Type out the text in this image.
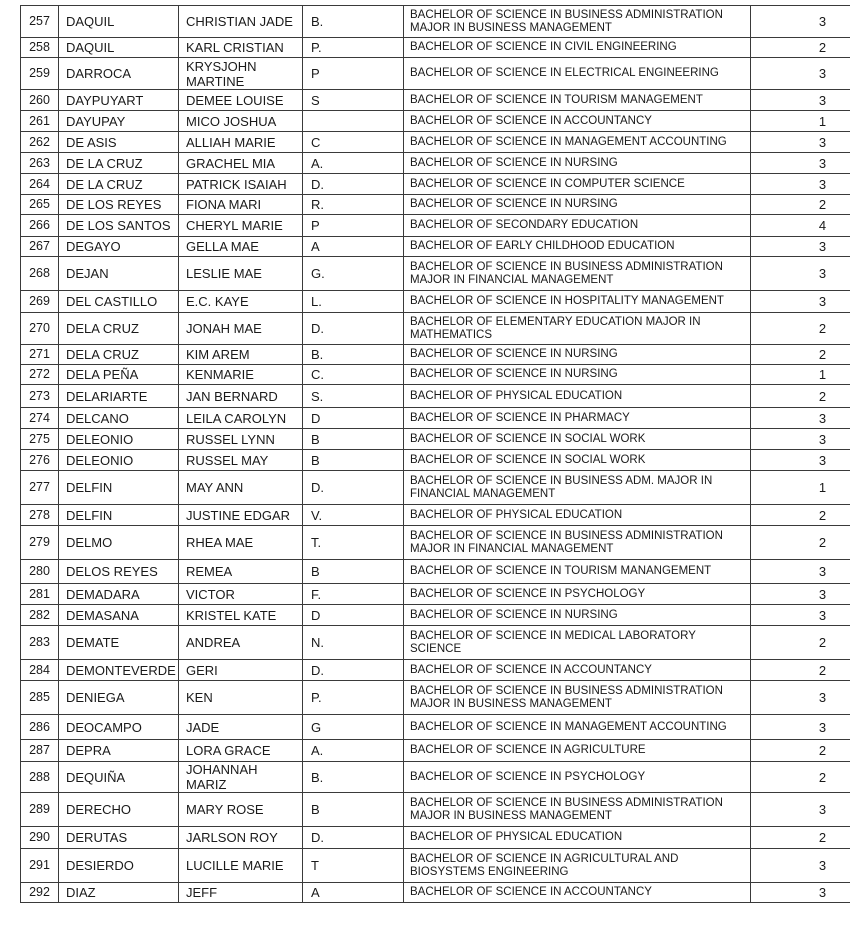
257	DAQUIL	CHRISTIAN JADE	B.	BACHELOR OF SCIENCE IN BUSINESS ADMINISTRATION MAJOR IN BUSINESS MANAGEMENT	3
258	DAQUIL	KARL CRISTIAN	P.	BACHELOR OF SCIENCE IN CIVIL ENGINEERING	2
259	DARROCA	KRYSJOHN MARTINE	P	BACHELOR OF SCIENCE IN ELECTRICAL ENGINEERING	3
260	DAYPUYART	DEMEE LOUISE	S	BACHELOR OF SCIENCE IN TOURISM MANAGEMENT	3
261	DAYUPAY	MICO JOSHUA		BACHELOR OF SCIENCE IN ACCOUNTANCY	1
262	DE ASIS	ALLIAH MARIE	C	BACHELOR OF SCIENCE IN MANAGEMENT ACCOUNTING	3
263	DE LA CRUZ	GRACHEL MIA	A.	BACHELOR OF SCIENCE IN NURSING	3
264	DE LA CRUZ	PATRICK ISAIAH	D.	BACHELOR OF SCIENCE IN COMPUTER SCIENCE	3
265	DE LOS REYES	FIONA MARI	R.	BACHELOR OF SCIENCE IN NURSING	2
266	DE LOS SANTOS	CHERYL MARIE	P	BACHELOR OF SECONDARY EDUCATION	4
267	DEGAYO	GELLA MAE	A	BACHELOR OF EARLY CHILDHOOD EDUCATION	3
268	DEJAN	LESLIE MAE	G.	BACHELOR OF SCIENCE IN BUSINESS ADMINISTRATION MAJOR IN FINANCIAL MANAGEMENT	3
269	DEL CASTILLO	E.C. KAYE	L.	BACHELOR OF SCIENCE IN HOSPITALITY MANAGEMENT	3
270	DELA CRUZ	JONAH MAE	D.	BACHELOR OF ELEMENTARY EDUCATION MAJOR IN MATHEMATICS	2
271	DELA CRUZ	KIM AREM	B.	BACHELOR OF SCIENCE IN NURSING	2
272	DELA PEÑA	KENMARIE	C.	BACHELOR OF SCIENCE IN NURSING	1
273	DELARIARTE	JAN BERNARD	S.	BACHELOR OF PHYSICAL EDUCATION	2
274	DELCANO	LEILA CAROLYN	D	BACHELOR OF SCIENCE IN PHARMACY	3
275	DELEONIO	RUSSEL LYNN	B	BACHELOR OF SCIENCE IN SOCIAL WORK	3
276	DELEONIO	RUSSEL MAY	B	BACHELOR OF SCIENCE IN SOCIAL WORK	3
277	DELFIN	MAY ANN	D.	BACHELOR OF SCIENCE IN BUSINESS ADM. MAJOR IN FINANCIAL MANAGEMENT	1
278	DELFIN	JUSTINE EDGAR	V.	BACHELOR OF PHYSICAL EDUCATION	2
279	DELMO	RHEA MAE	T.	BACHELOR OF SCIENCE IN BUSINESS ADMINISTRATION MAJOR IN FINANCIAL MANAGEMENT	2
280	DELOS REYES	REMEA	B	BACHELOR OF SCIENCE IN TOURISM MANANGEMENT	3
281	DEMADARA	VICTOR	F.	BACHELOR OF SCIENCE IN PSYCHOLOGY	3
282	DEMASANA	KRISTEL KATE	D	BACHELOR OF SCIENCE IN NURSING	3
283	DEMATE	ANDREA	N.	BACHELOR OF SCIENCE IN MEDICAL LABORATORY SCIENCE	2
284	DEMONTEVERDE	GERI	D.	BACHELOR OF SCIENCE IN ACCOUNTANCY	2
285	DENIEGA	KEN	P.	BACHELOR OF SCIENCE IN BUSINESS ADMINISTRATION MAJOR IN BUSINESS MANAGEMENT	3
286	DEOCAMPO	JADE	G	BACHELOR OF SCIENCE IN MANAGEMENT ACCOUNTING	3
287	DEPRA	LORA GRACE	A.	BACHELOR OF SCIENCE IN AGRICULTURE	2
288	DEQUIÑA	JOHANNAH MARIZ	B.	BACHELOR OF SCIENCE IN PSYCHOLOGY	2
289	DERECHO	MARY ROSE	B	BACHELOR OF SCIENCE IN BUSINESS ADMINISTRATION MAJOR IN BUSINESS MANAGEMENT	3
290	DERUTAS	JARLSON ROY	D.	BACHELOR OF PHYSICAL EDUCATION	2
291	DESIERDO	LUCILLE MARIE	T	BACHELOR OF SCIENCE IN AGRICULTURAL AND BIOSYSTEMS ENGINEERING	3
292	DIAZ	JEFF	A	BACHELOR OF SCIENCE IN ACCOUNTANCY	3
